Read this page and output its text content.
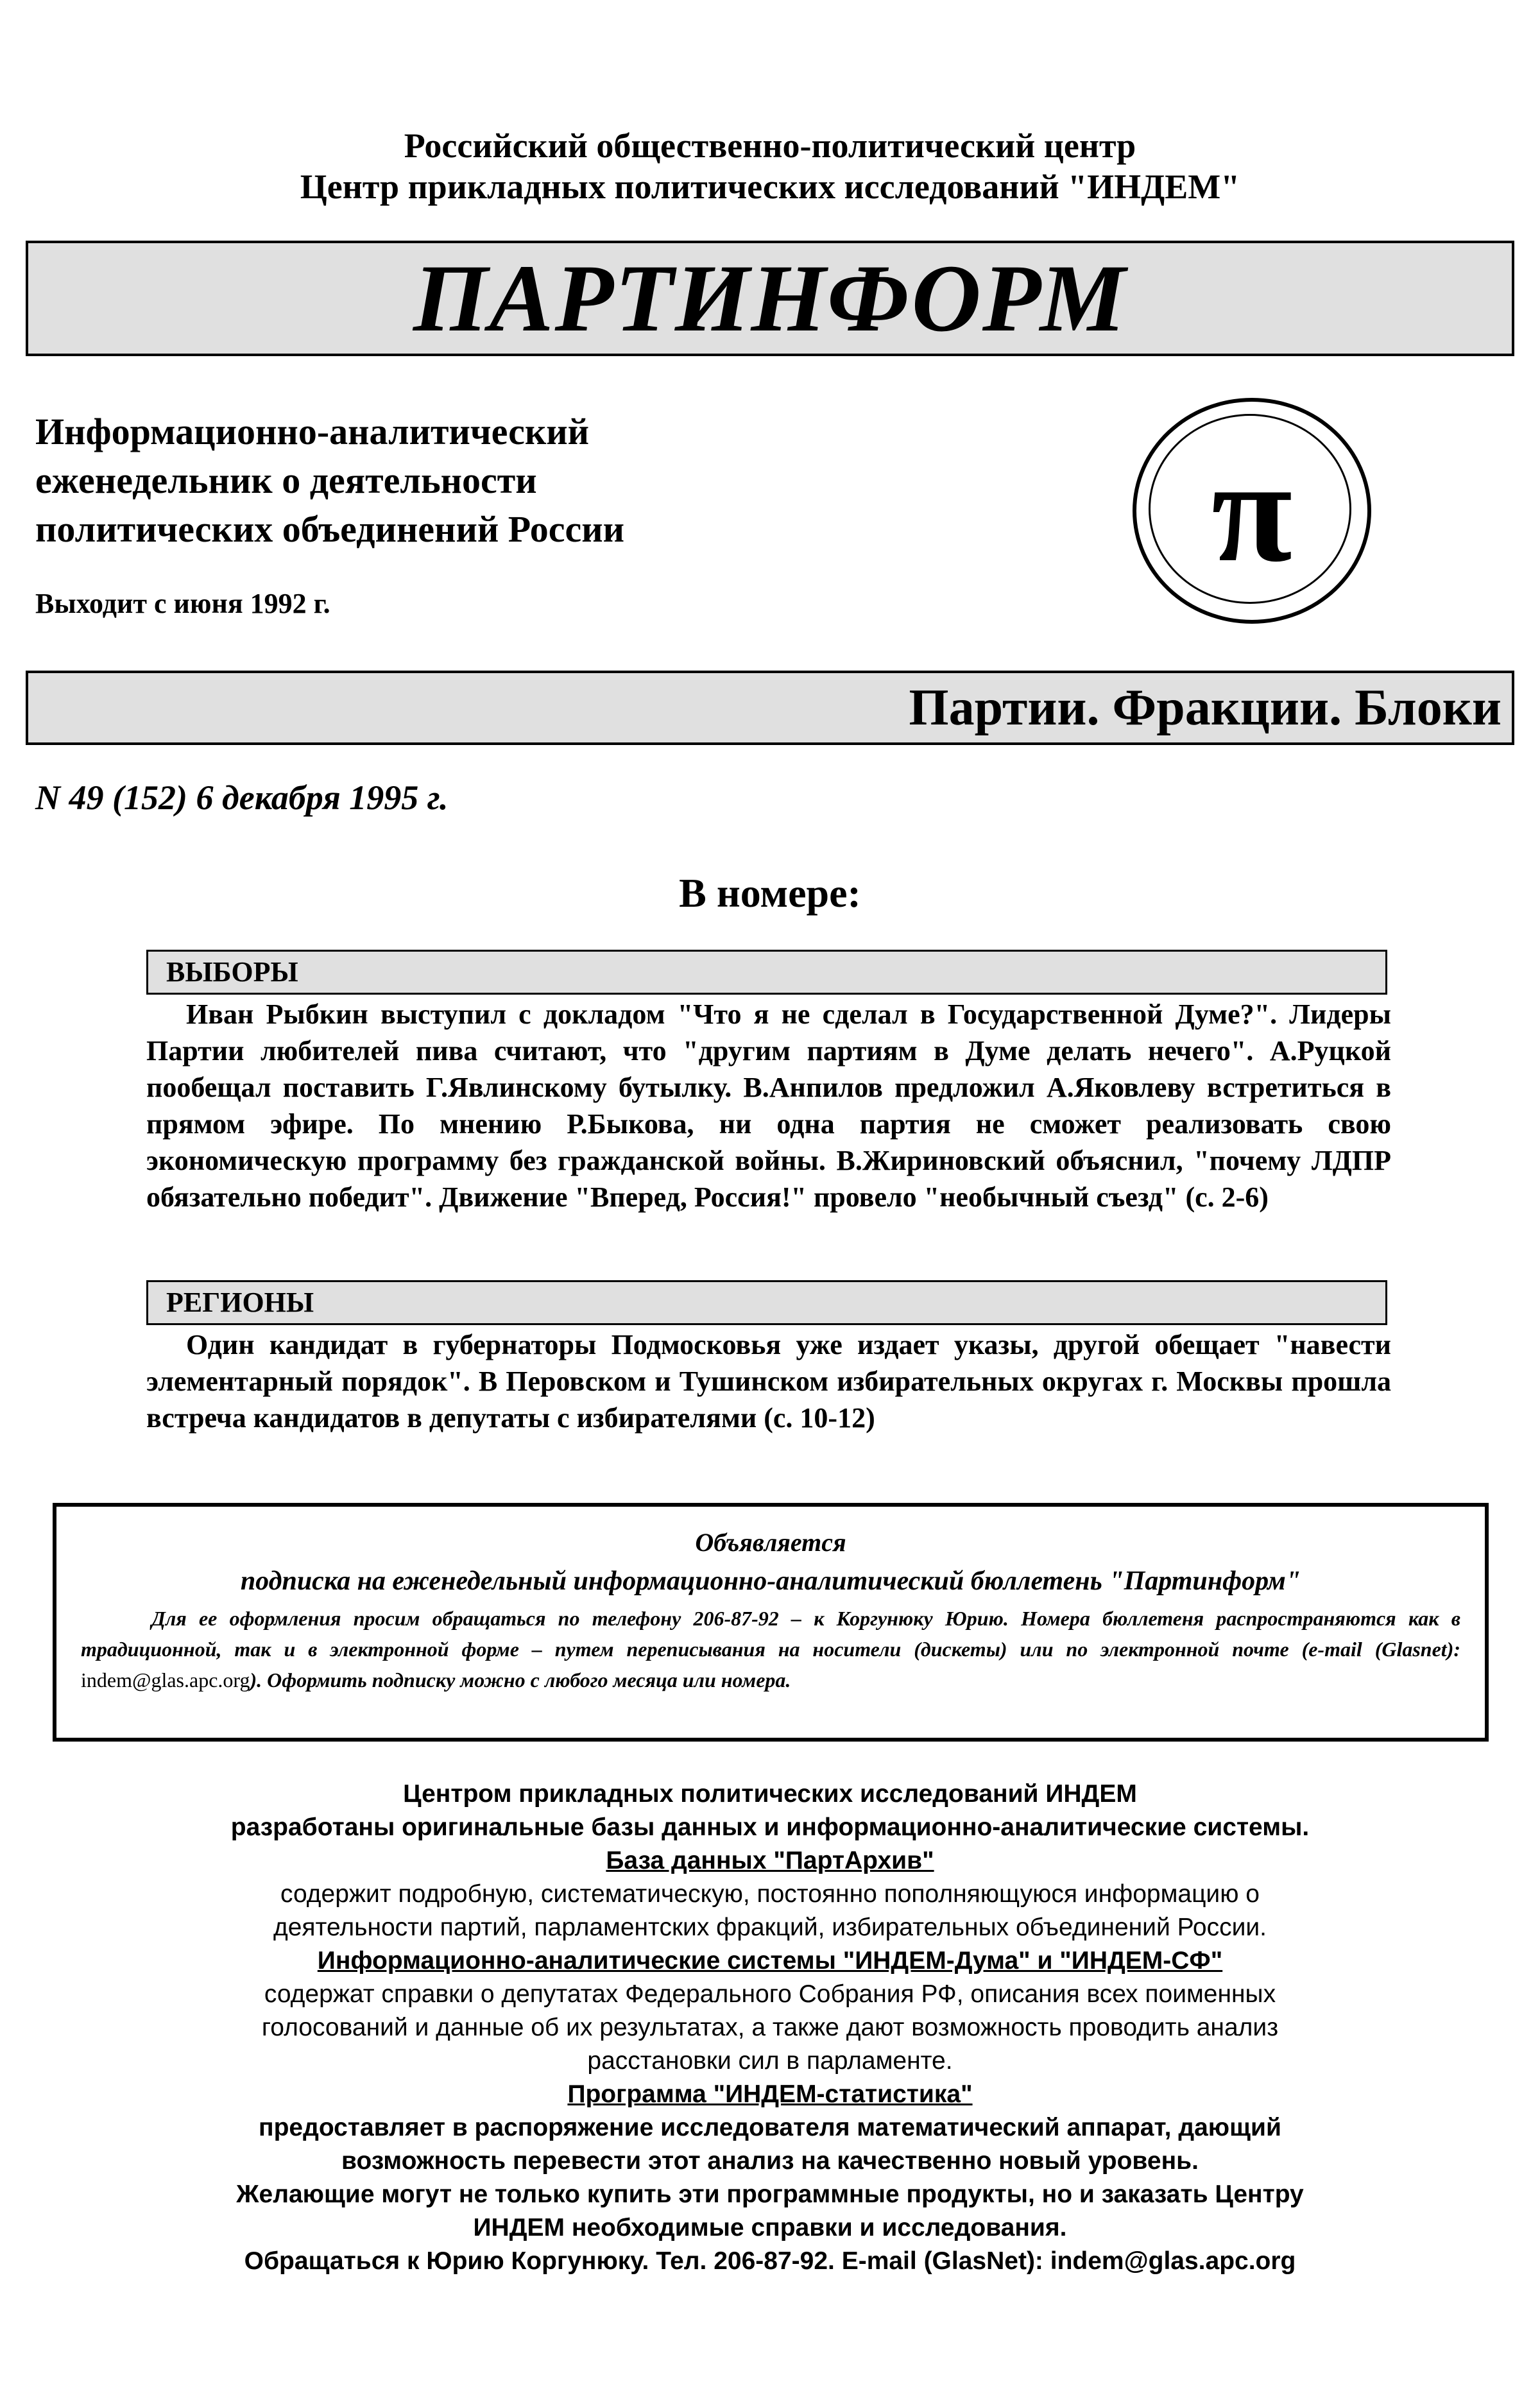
Российский общественно-политический центр
Центр прикладных политических исследований "ИНДЕМ"
ПАРТИНФОРМ
Информационно-аналитический
еженедельник о деятельности
политических объединений России
Выходит с июня 1992 г.
π
Партии. Фракции. Блоки
N 49 (152) 6 декабря 1995 г.
В номере:
ВЫБОРЫ
Иван Рыбкин выступил с докладом "Что я не сделал в Государственной Думе?". Лидеры Партии любителей пива считают, что "другим партиям в Думе делать нечего". А.Руцкой пообещал поставить Г.Явлинскому бутылку. В.Анпилов предложил А.Яковлеву встретиться в прямом эфире. По мнению Р.Быкова, ни одна партия не сможет реализовать свою экономическую программу без гражданской войны. В.Жириновский объяснил, "почему ЛДПР обязательно победит". Движение "Вперед, Россия!" провело "необычный съезд" (с. 2-6)
РЕГИОНЫ
Один кандидат в губернаторы Подмосковья уже издает указы, другой обещает "навести элементарный порядок". В Перовском и Тушинском избирательных округах г. Москвы прошла встреча кандидатов в депутаты с избирателями (с. 10-12)
Объявляется
подписка на еженедельный информационно-аналитический бюллетень "Партинформ"
Для ее оформления просим обращаться по телефону 206-87-92 – к Коргунюку Юрию. Номера бюллетеня распространяются как в традиционной, так и в электронной форме – путем переписывания на носители (дискеты) или по электронной почте (e-mail (Glasnet): indem@glas.apc.org). Оформить подписку можно с любого месяца или номера.
Центром прикладных политических исследований ИНДЕМ
разработаны оригинальные базы данных и информационно-аналитические системы.
База данных "ПартАрхив"
содержит подробную, систематическую, постоянно пополняющуюся информацию о
деятельности партий, парламентских фракций, избирательных объединений России.
Информационно-аналитические системы "ИНДЕМ-Дума" и "ИНДЕМ-СФ"
содержат справки о депутатах Федерального Собрания РФ, описания всех поименных
голосований и данные об их результатах, а также дают возможность проводить анализ
расстановки сил в парламенте.
Программа "ИНДЕМ-статистика"
предоставляет в распоряжение исследователя математический аппарат, дающий
возможность перевести этот анализ на качественно новый уровень.
Желающие могут не только купить эти программные продукты, но и заказать Центру
ИНДЕМ необходимые справки и исследования.
Обращаться к Юрию Коргунюку. Тел. 206-87-92. E-mail (GlasNet): indem@glas.apc.org
